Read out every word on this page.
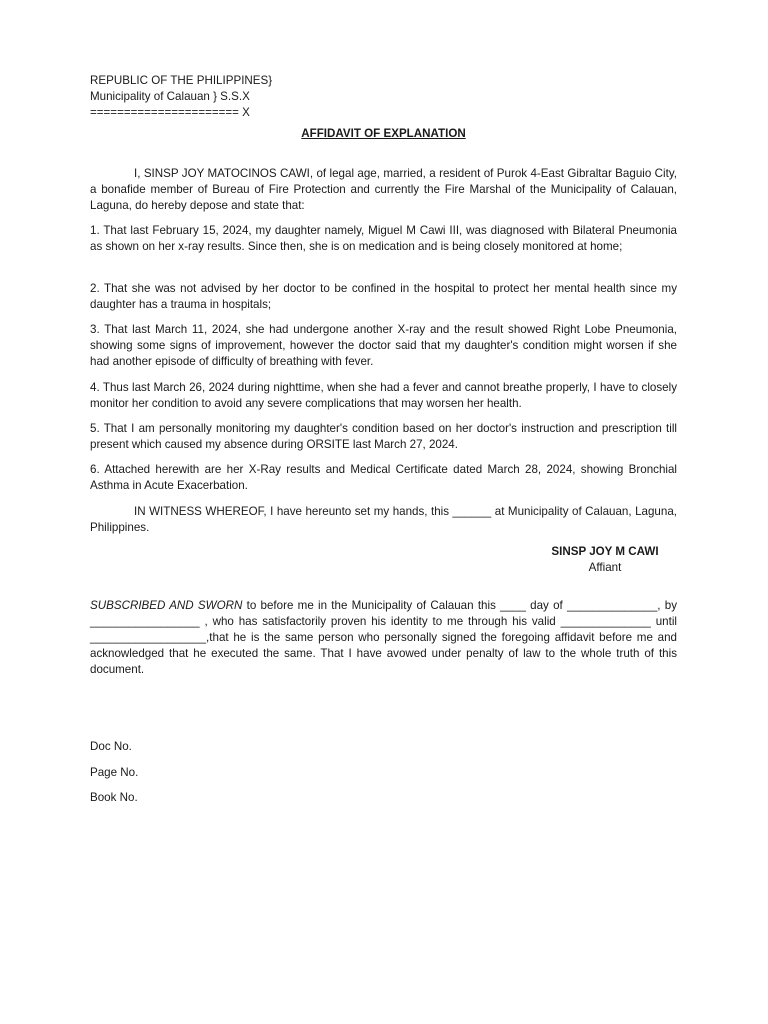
REPUBLIC OF THE PHILIPPINES}
Municipality of Calauan } S.S.X
====================== X
AFFIDAVIT OF EXPLANATION

I, SINSP JOY MATOCINOS CAWI, of legal age, married, a resident of Purok 4-East Gibraltar Baguio City, a bonafide member of Bureau of Fire Protection and currently the Fire Marshal of the Municipality of Calauan, Laguna, do hereby depose and state that:

1. That last February 15, 2024, my daughter namely, Miguel M Cawi III, was diagnosed with Bilateral Pneumonia as shown on her x-ray results. Since then, she is on medication and is being closely monitored at home;

2. That she was not advised by her doctor to be confined in the hospital to protect her mental health since my daughter has a trauma in hospitals;

3. That last March 11, 2024, she had undergone another X-ray and the result showed Right Lobe Pneumonia, showing some signs of improvement, however the doctor said that my daughter's condition might worsen if she had another episode of difficulty of breathing with fever.

4. Thus last March 26, 2024 during nighttime, when she had a fever and cannot breathe properly, I have to closely monitor her condition to avoid any severe complications that may worsen her health.

5. That I am personally monitoring my daughter's condition based on her doctor's instruction and prescription till present which caused my absence during ORSITE last March 27, 2024.

6. Attached herewith are her X-Ray results and Medical Certificate dated March 28, 2024, showing Bronchial Asthma in Acute Exacerbation.

IN WITNESS WHEREOF, I have hereunto set my hands, this ______ at Municipality of Calauan, Laguna, Philippines.

SINSP JOY M CAWI
Affiant

SUBSCRIBED AND SWORN to before me in the Municipality of Calauan this ____ day of ______________, by _________________ , who has satisfactorily proven his identity to me through his valid ______________ until __________________,that he is the same person who personally signed the foregoing affidavit before me and acknowledged that he executed the same. That I have avowed under penalty of law to the whole truth of this document.

Doc No.
Page No.
Book No.
